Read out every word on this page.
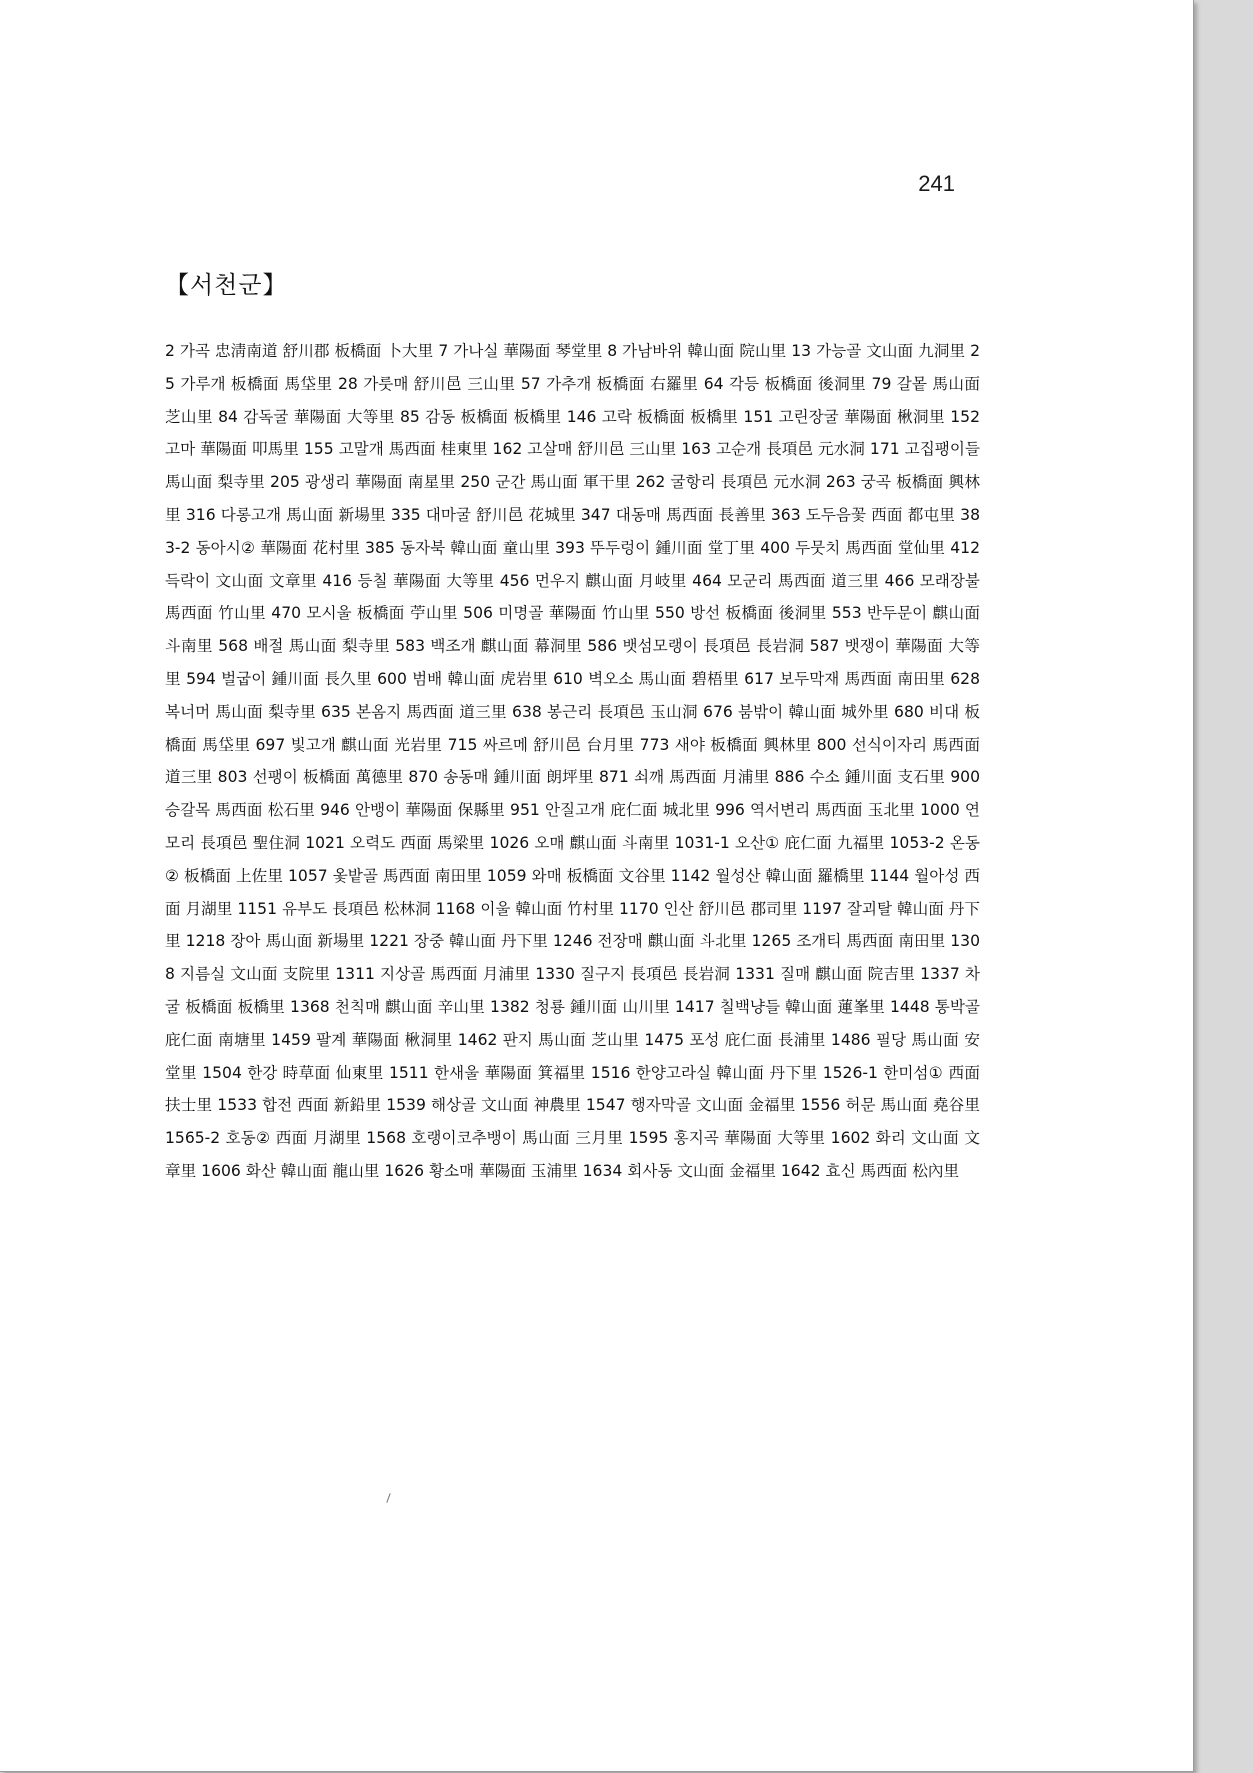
241
【서천군】

2 가곡 忠淸南道 舒川郡 板橋面 卜大里 7 가나실 華陽面 琴堂里 8 가남바위 韓山面 院山里 13 가능골 文山面 九洞里 25 가루개 板橋面 馬垈里 28 가룻매 舒川邑 三山里 57 가추개 板橋面 右羅里 64 각등 板橋面 後洞里 79 갈뫁 馬山面 芝山里 84 감독굴 華陽面 大等里 85 감동 板橋面 板橋里 146 고락 板橋面 板橋里 151 고린장굴 華陽面 楸洞里 152 고마 華陽面 叩馬里 155 고말개 馬西面 桂東里 162 고살매 舒川邑 三山里 163 고순개 長項邑 元水洞 171 고집팽이들 馬山面 梨寺里 205 광생리 華陽面 南星里 250 군간 馬山面 軍干里 262 굴항리 長項邑 元水洞 263 궁곡 板橋面 興林里 316 다롱고개 馬山面 新場里 335 대마굴 舒川邑 花城里 347 대동매 馬西面 長善里 363 도두음꽃 西面 都屯里 383-2 동아시② 華陽面 花村里 385 동자북 韓山面 童山里 393 뚜두렁이 鍾川面 堂丁里 400 두뭇치 馬西面 堂仙里 412 득락이 文山面 文章里 416 등칠 華陽面 大等里 456 먼우지 麒山面 月岐里 464 모군리 馬西面 道三里 466 모래장불 馬西面 竹山里 470 모시울 板橋面 苧山里 506 미명골 華陽面 竹山里 550 방선 板橋面 後洞里 553 반두문이 麒山面 斗南里 568 배절 馬山面 梨寺里 583 백조개 麒山面 幕洞里 586 뱃섬모랭이 長項邑 長岩洞 587 뱃쟁이 華陽面 大等里 594 벌굽이 鍾川面 長久里 600 범배 韓山面 虎岩里 610 벽오소 馬山面 碧梧里 617 보두막재 馬西面 南田里 628 복너머 馬山面 梨寺里 635 본옴지 馬西面 道三里 638 봉근리 長項邑 玉山洞 676 붐밖이 韓山面 城外里 680 비대 板橋面 馬垈里 697 빛고개 麒山面 光岩里 715 싸르메 舒川邑 台月里 773 새야 板橋面 興林里 800 선식이자리 馬西面 道三里 803 선팽이 板橋面 萬德里 870 송동매 鍾川面 朗坪里 871 쇠깨 馬西面 月浦里 886 수소 鍾川面 支石里 900 승갈목 馬西面 松石里 946 안뱅이 華陽面 保縣里 951 안질고개 庇仁面 城北里 996 역서변리 馬西面 玉北里 1000 연모리 長項邑 聖住洞 1021 오력도 西面 馬梁里 1026 오매 麒山面 斗南里 1031-1 오산① 庇仁面 九福里 1053-2 온동② 板橋面 上佐里 1057 옻밭골 馬西面 南田里 1059 와매 板橋面 文谷里 1142 월성산 韓山面 羅橋里 1144 월아성 西面 月湖里 1151 유부도 長項邑 松林洞 1168 이울 韓山面 竹村里 1170 인산 舒川邑 郡司里 1197 잘괴탈 韓山面 丹下里 1218 장아 馬山面 新場里 1221 장중 韓山面 丹下里 1246 전장매 麒山面 斗北里 1265 조개티 馬西面 南田里 1308 지름실 文山面 支院里 1311 지상골 馬西面 月浦里 1330 질구지 長項邑 長岩洞 1331 질매 麒山面 院吉里 1337 차굴 板橋面 板橋里 1368 천칙매 麒山面 辛山里 1382 청룡 鍾川面 山川里 1417 칠백냥들 韓山面 蓮峯里 1448 통박골 庇仁面 南塘里 1459 팔계 華陽面 楸洞里 1462 판지 馬山面 芝山里 1475 포성 庇仁面 長浦里 1486 필당 馬山面 安堂里 1504 한강 時草面 仙東里 1511 한새울 華陽面 箕福里 1516 한양고라실 韓山面 丹下里 1526-1 한미섬① 西面 扶士里 1533 합전 西面 新鉛里 1539 해상골 文山面 神農里 1547 행자막골 文山面 金福里 1556 허문 馬山面 堯谷里 1565-2 호동② 西面 月湖里 1568 호랭이코추뱅이 馬山面 三月里 1595 홍지곡 華陽面 大等里 1602 화리 文山面 文章里 1606 화산 韓山面 龍山里 1626 황소매 華陽面 玉浦里 1634 회사동 文山面 金福里 1642 효신 馬西面 松內里
